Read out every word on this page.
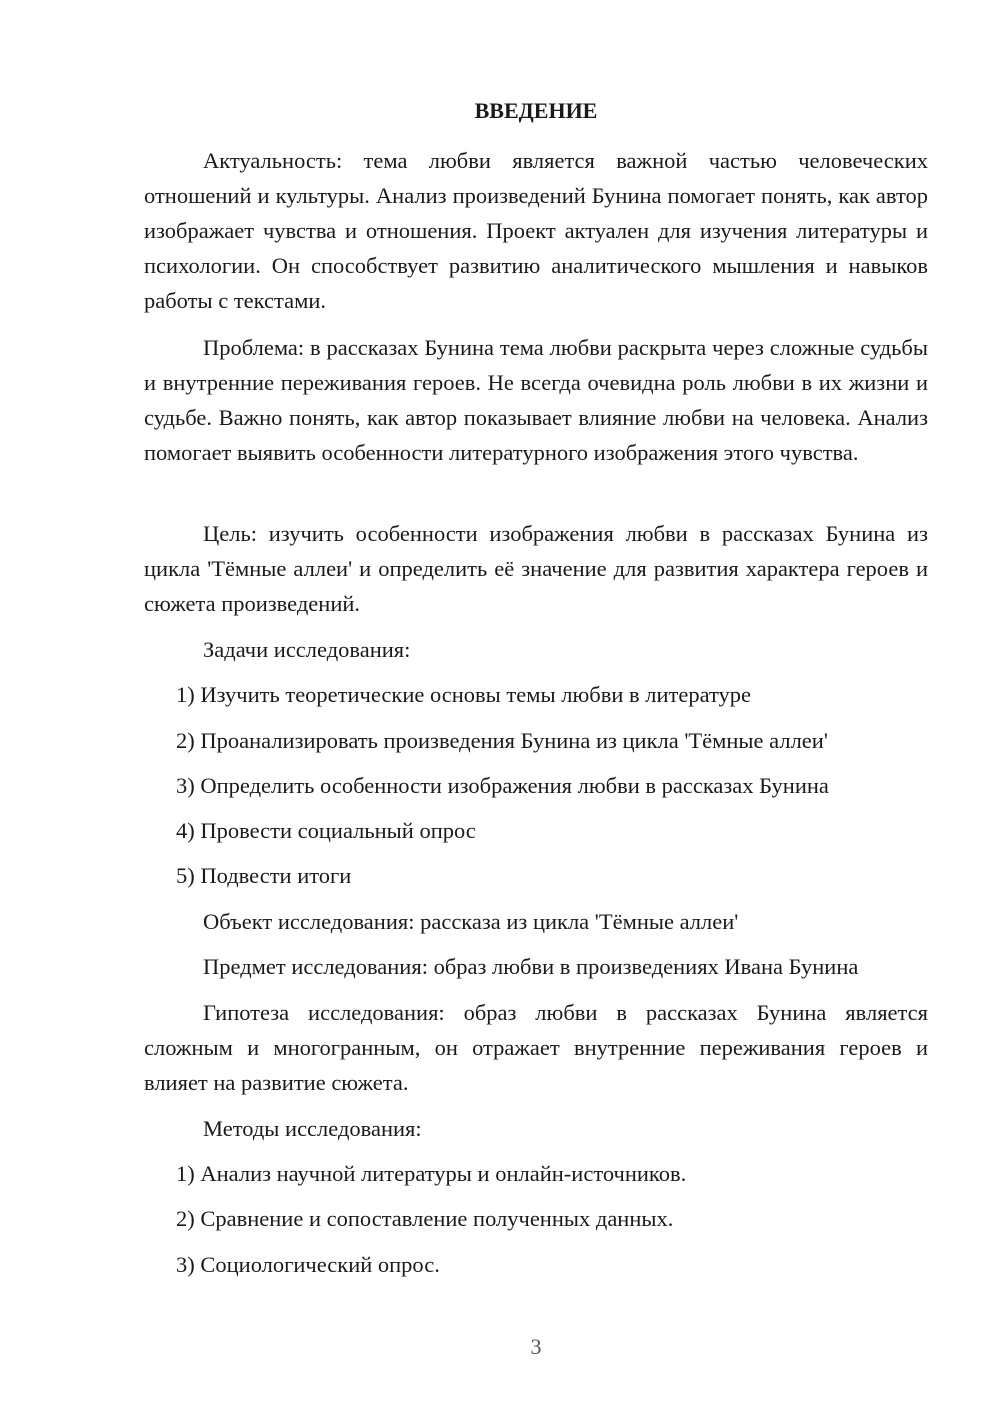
ВВЕДЕНИЕ

Актуальность: тема любви является важной частью человеческих отношений и культуры. Анализ произведений Бунина помогает понять, как автор изображает чувства и отношения. Проект актуален для изучения литературы и психологии. Он способствует развитию аналитического мышления и навыков работы с текстами.

Проблема: в рассказах Бунина тема любви раскрыта через сложные судьбы и внутренние переживания героев. Не всегда очевидна роль любви в их жизни и судьбе. Важно понять, как автор показывает влияние любви на человека. Анализ помогает выявить особенности литературного изображения этого чувства.

Цель: изучить особенности изображения любви в рассказах Бунина из цикла 'Тёмные аллеи' и определить её значение для развития характера героев и сюжета произведений.

Задачи исследования:

1) Изучить теоретические основы темы любви в литературе

2) Проанализировать произведения Бунина из цикла 'Тёмные аллеи'

3) Определить особенности изображения любви в рассказах Бунина

4) Провести социальный опрос

5) Подвести итоги

Объект исследования: рассказа из цикла 'Тёмные аллеи'

Предмет исследования: образ любви в произведениях Ивана Бунина

Гипотеза исследования: образ любви в рассказах Бунина является сложным и многогранным, он отражает внутренние переживания героев и влияет на развитие сюжета.

Методы исследования:

1) Анализ научной литературы и онлайн-источников.

2) Сравнение и сопоставление полученных данных.

3) Социологический опрос.

3
